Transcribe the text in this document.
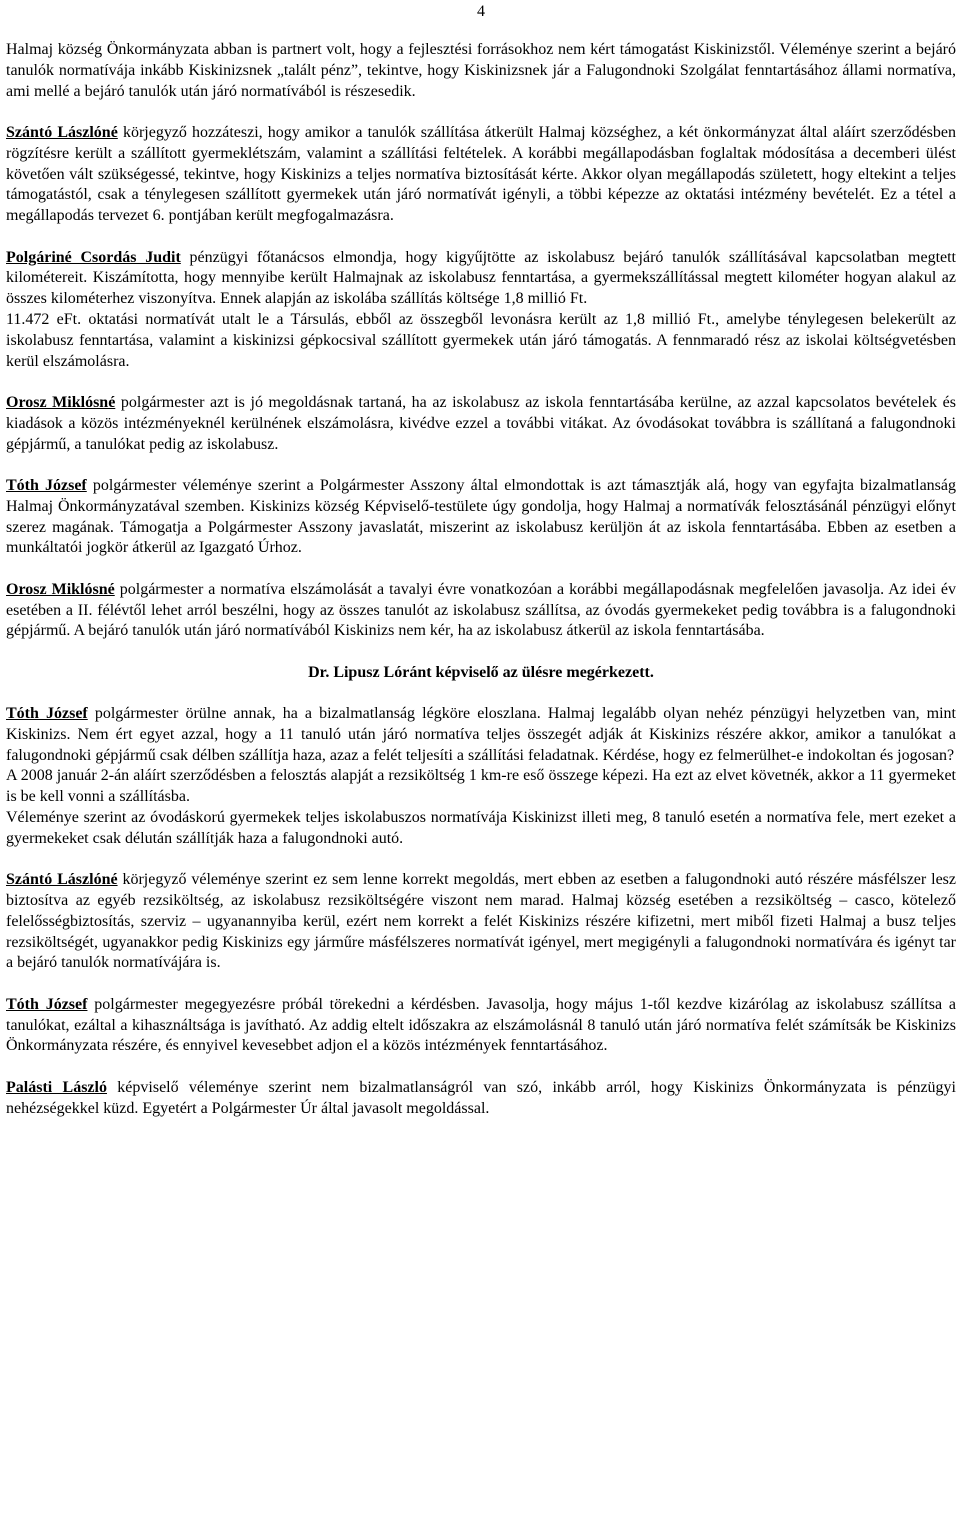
4

Halmaj község Önkormányzata abban is partnert volt, hogy a fejlesztési forrásokhoz nem kért támogatást Kiskinizstől. Véleménye szerint a bejáró tanulók normatívája inkább Kiskinizsnek „talált pénz”, tekintve, hogy Kiskinizsnek jár a Falugondnoki Szolgálat fenntartásához állami normatíva, ami mellé a bejáró tanulók után járó normatívából is részesedik.

Szántó Lászlóné körjegyző hozzáteszi, hogy amikor a tanulók szállítása átkerült Halmaj községhez, a két önkormányzat által aláírt szerződésben rögzítésre került a szállított gyermeklétszám, valamint a szállítási feltételek. A korábbi megállapodásban foglaltak módosítása a decemberi ülést követően vált szükségessé, tekintve, hogy Kiskinizs a teljes normatíva biztosítását kérte. Akkor olyan megállapodás született, hogy eltekint a teljes támogatástól, csak a ténylegesen szállított gyermekek után járó normatívát igényli, a többi képezze az oktatási intézmény bevételét. Ez a tétel a megállapodás tervezet 6. pontjában került megfogalmazásra.

Polgáriné Csordás Judit pénzügyi főtanácsos elmondja, hogy kigyűjtötte az iskolabusz bejáró tanulók szállításával kapcsolatban megtett kilométereit. Kiszámította, hogy mennyibe került Halmajnak az iskolabusz fenntartása, a gyermekszállítással megtett kilométer hogyan alakul az összes kilométerhez viszonyítva. Ennek alapján az iskolába szállítás költsége 1,8 millió Ft.

11.472 eFt. oktatási normatívát utalt le a Társulás, ebből az összegből levonásra került az 1,8 millió Ft., amelybe ténylegesen belekerült az iskolabusz fenntartása, valamint a kiskinizsi gépkocsival szállított gyermekek után járó támogatás. A fennmaradó rész az iskolai költségvetésben kerül elszámolásra.

Orosz Miklósné polgármester azt is jó megoldásnak tartaná, ha az iskolabusz az iskola fenntartásába kerülne, az azzal kapcsolatos bevételek és kiadások a közös intézményeknél kerülnének elszámolásra, kivédve ezzel a további vitákat. Az óvodásokat továbbra is szállítaná a falugondnoki gépjármű, a tanulókat pedig az iskolabusz.

Tóth József polgármester véleménye szerint a Polgármester Asszony által elmondottak is azt támasztják alá, hogy van egyfajta bizalmatlanság Halmaj Önkormányzatával szemben. Kiskinizs község Képviselő-testülete úgy gondolja, hogy Halmaj a normatívák felosztásánál pénzügyi előnyt szerez magának. Támogatja a Polgármester Asszony javaslatát, miszerint az iskolabusz kerüljön át az iskola fenntartásába. Ebben az esetben a munkáltatói jogkör átkerül az Igazgató Úrhoz.

Orosz Miklósné polgármester a normatíva elszámolását a tavalyi évre vonatkozóan a korábbi megállapodásnak megfelelően javasolja. Az idei év esetében a II. félévtől lehet arról beszélni, hogy az összes tanulót az iskolabusz szállítsa, az óvodás gyermekeket pedig továbbra is a falugondnoki gépjármű. A bejáró tanulók után járó normatívából Kiskinizs nem kér, ha az iskolabusz átkerül az iskola fenntartásába.

Dr. Lipusz Lóránt képviselő az ülésre megérkezett.

Tóth József polgármester örülne annak, ha a bizalmatlanság légköre eloszlana. Halmaj legalább olyan nehéz pénzügyi helyzetben van, mint Kiskinizs. Nem ért egyet azzal, hogy a 11 tanuló után járó normatíva teljes összegét adják át Kiskinizs részére akkor, amikor a tanulókat a falugondnoki gépjármű csak délben szállítja haza, azaz a felét teljesíti a szállítási feladatnak. Kérdése, hogy ez felmerülhet-e indokoltan és jogosan?

A 2008 január 2-án aláírt szerződésben a felosztás alapját a rezsiköltség 1 km-re eső összege képezi. Ha ezt az elvet követnék, akkor a 11 gyermeket is be kell vonni a szállításba.

Véleménye szerint az óvodáskorú gyermekek teljes iskolabuszos normatívája Kiskinizst illeti meg, 8 tanuló esetén a normatíva fele, mert ezeket a gyermekeket csak délután szállítják haza a falugondnoki autó.

Szántó Lászlóné körjegyző véleménye szerint ez sem lenne korrekt megoldás, mert ebben az esetben a falugondnoki autó részére másfélszer lesz biztosítva az egyéb rezsiköltség, az iskolabusz rezsiköltségére viszont nem marad. Halmaj község esetében a rezsiköltség – casco, kötelező felelősségbiztosítás, szerviz – ugyanannyiba kerül, ezért nem korrekt a felét Kiskinizs részére kifizetni, mert miből fizeti Halmaj a busz teljes rezsiköltségét, ugyanakkor pedig Kiskinizs egy járműre másfélszeres normatívát igényel, mert megigényli a falugondnoki normatívára és igényt tar a bejáró tanulók normatívájára is.

Tóth József polgármester megegyezésre próbál törekedni a kérdésben. Javasolja, hogy május 1-től kezdve kizárólag az iskolabusz szállítsa a tanulókat, ezáltal a kihasználtsága is javítható. Az addig eltelt időszakra az elszámolásnál 8 tanuló után járó normatíva felét számítsák be Kiskinizs Önkormányzata részére, és ennyivel kevesebbet adjon el a közös intézmények fenntartásához.

Palásti László képviselő véleménye szerint nem bizalmatlanságról van szó, inkább arról, hogy Kiskinizs Önkormányzata is pénzügyi nehézségekkel küzd. Egyetért a Polgármester Úr által javasolt megoldással.
